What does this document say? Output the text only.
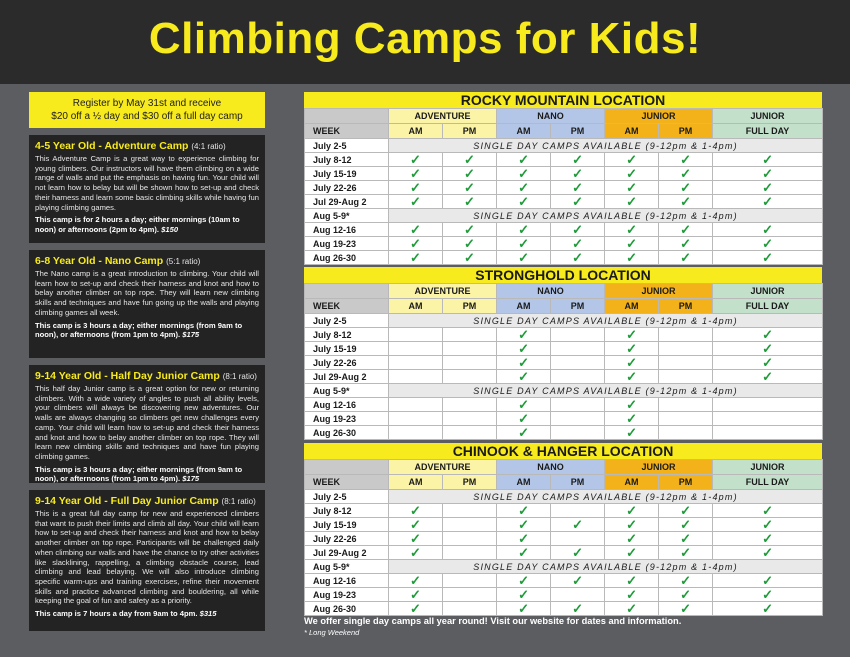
Climbing Camps for Kids!
Register by May 31st and receive
$20 off a ½ day and $30 off a full day camp
4-5 Year Old - Adventure Camp (4:1 ratio)

This Adventure Camp is a great way to experience climbing for young climbers. Our instructors will have them climbing on a wide range of walls and put the emphasis on having fun. Your child will not learn how to belay but will be shown how to set-up and check their harness and learn some basic climbing skills while having fun playing climbing games.

This camp is for 2 hours a day; either mornings (10am to noon) or afternoons (2pm to 4pm). $150

6-8 Year Old - Nano Camp (5:1 ratio)

The Nano camp is a great introduction to climbing. Your child will learn how to set-up and check their harness and knot and how to belay another climber on top rope. They will learn new climbing skills and techniques and have fun going up the walls and playing climbing games all week.

This camp is 3 hours a day; either mornings (from 9am to noon), or afternoons (from 1pm to 4pm). $175

9-14 Year Old - Half Day Junior Camp (8:1 ratio)

This half day Junior camp is a great option for new or returning climbers. With a wide variety of angles to push all ability levels, your climbers will always be discovering new adventures. Our walls are always changing so climbers get new challenges every camp. Your child will learn how to set-up and check their harness and knot and how to belay another climber on top rope. They will learn new climbing skills and techniques and have fun playing climbing games.

This camp is 3 hours a day; either mornings (from 9am to noon), or afternoons (from 1pm to 4pm). $175

9-14 Year Old - Full Day Junior Camp (8:1 ratio)

This is a great full day camp for new and experienced climbers that want to push their limits and climb all day. Your child will learn how to set-up and check their harness and knot and how to belay another climber on top rope. Participants will be challenged daily when climbing our walls and have the chance to try other activities like slacklining, rappelling, a climbing obstacle course, lead climbing and lead belaying. We will also introduce climbing specific warm-ups and training exercises, refine their movement skills and practice advanced climbing and bouldering, all while keeping the goal of fun and safety as a priority.

This camp is 7 hours a day from 9am to 4pm. $315

ROCKY MOUNTAIN LOCATION
	ADVENTURE		NANO		JUNIOR		JUNIOR
WEEK	AM	PM	AM	PM	AM	PM	FULL DAY
July 2-5	SINGLE DAY CAMPS AVAILABLE (9-12pm & 1-4pm)						
July 8-12	✓	✓	✓	✓	✓	✓	✓
July 15-19	✓	✓	✓	✓	✓	✓	✓
July 22-26	✓	✓	✓	✓	✓	✓	✓
Jul 29-Aug 2	✓	✓	✓	✓	✓	✓	✓
Aug 5-9*	SINGLE DAY CAMPS AVAILABLE (9-12pm & 1-4pm)						
Aug 12-16	✓	✓	✓	✓	✓	✓	✓
Aug 19-23	✓	✓	✓	✓	✓	✓	✓
Aug 26-30	✓	✓	✓	✓	✓	✓	✓
STRONGHOLD LOCATION
	ADVENTURE		NANO		JUNIOR		JUNIOR
WEEK	AM	PM	AM	PM	AM	PM	FULL DAY
July 2-5	SINGLE DAY CAMPS AVAILABLE (9-12pm & 1-4pm)						
July 8-12			✓		✓		✓
July 15-19			✓		✓		✓
July 22-26			✓		✓		✓
Jul 29-Aug 2			✓		✓		✓
Aug 5-9*	SINGLE DAY CAMPS AVAILABLE (9-12pm & 1-4pm)						
Aug 12-16			✓		✓		
Aug 19-23			✓		✓		
Aug 26-30			✓		✓		
CHINOOK & HANGER LOCATION
	ADVENTURE		NANO		JUNIOR		JUNIOR
WEEK	AM	PM	AM	PM	AM	PM	FULL DAY
July 2-5	SINGLE DAY CAMPS AVAILABLE (9-12pm & 1-4pm)						
July 8-12	✓		✓		✓	✓	✓
July 15-19	✓		✓	✓	✓	✓	✓
July 22-26	✓		✓		✓	✓	✓
Jul 29-Aug 2	✓		✓	✓	✓	✓	✓
Aug 5-9*	SINGLE DAY CAMPS AVAILABLE (9-12pm & 1-4pm)						
Aug 12-16	✓		✓	✓	✓	✓	✓
Aug 19-23	✓		✓		✓	✓	✓
Aug 26-30	✓		✓	✓	✓	✓	✓
We offer single day camps all year round! Visit our website for dates and information.
* Long Weekend
